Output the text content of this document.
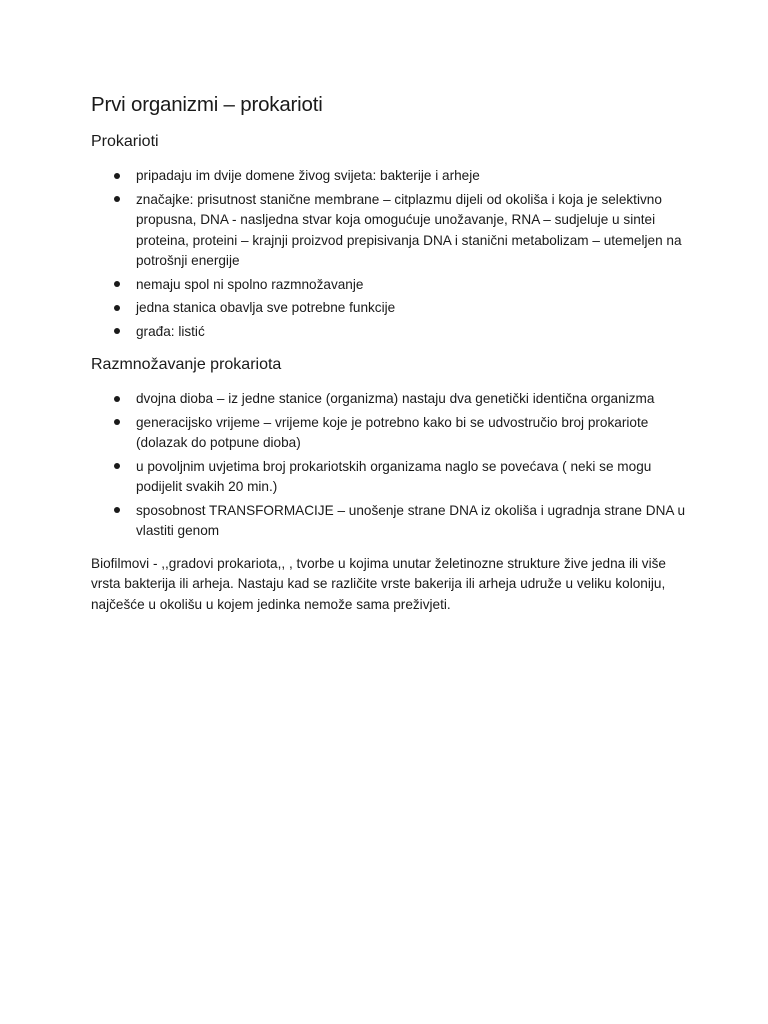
Prvi organizmi – prokarioti
Prokarioti
pripadaju im dvije domene živog svijeta: bakterije i arheje
značajke: prisutnost stanične membrane – citplazmu dijeli od okoliša i koja je selektivno propusna, DNA - nasljedna stvar koja omogućuje unožavanje, RNA – sudjeluje u sintei proteina, proteini – krajnji proizvod prepisivanja DNA i stanični metabolizam – utemeljen na potrošnji energije
nemaju spol ni spolno razmnožavanje
jedna stanica obavlja sve potrebne funkcije
građa: listić
Razmnožavanje prokariota
dvojna dioba – iz jedne stanice (organizma) nastaju dva genetički identična organizma
generacijsko vrijeme – vrijeme koje je potrebno kako bi se udvostručio broj prokariote (dolazak do potpune dioba)
u povoljnim uvjetima broj prokariotskih organizama naglo se povećava ( neki se mogu podijelit svakih 20 min.)
sposobnost TRANSFORMACIJE – unošenje strane DNA iz okoliša i ugradnja strane DNA u vlastiti genom

Biofilmovi - ,,gradovi prokariota,, , tvorbe u kojima unutar želetinozne strukture žive jedna ili više vrsta bakterija ili arheja. Nastaju kad se različite vrste bakerija ili arheja udruže u veliku koloniju, najčešće u okolišu u kojem jedinka nemože sama preživjeti.
